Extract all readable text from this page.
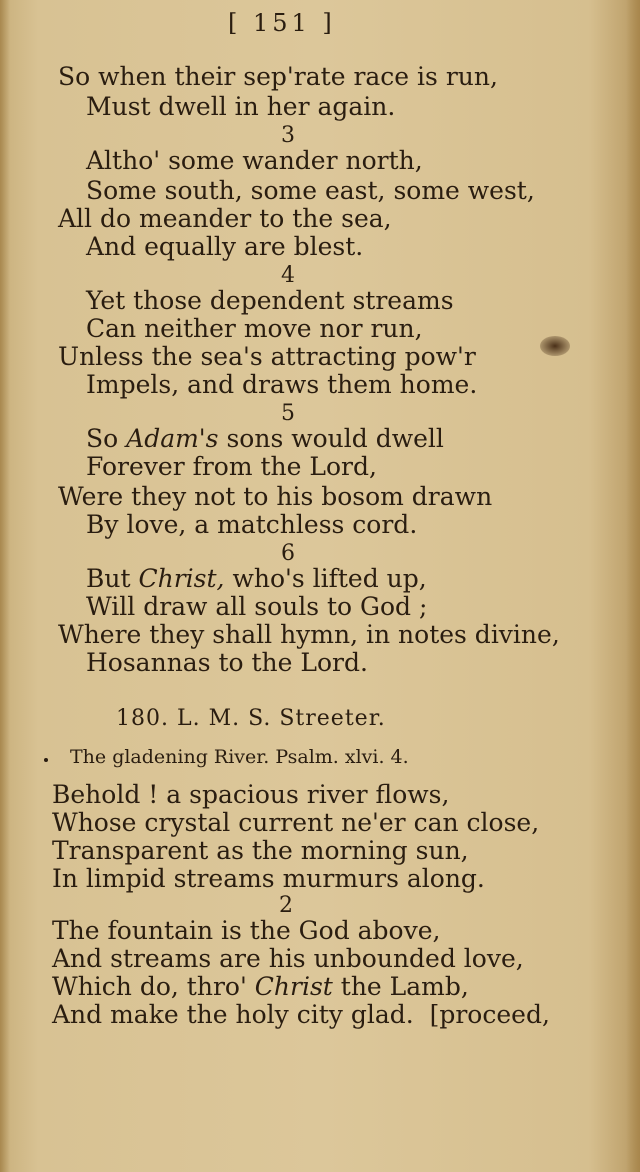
[ 151 ]
So when their sep'rate race is run,
Must dwell in her again.
3
Altho' some wander north,
Some south, some east, some west,
All do meander to the sea,
And equally are blest.
4
Yet those dependent streams
Can neither move nor run,
Unless the sea's attracting pow'r
Impels, and draws them home.
5
So Adam's sons would dwell
Forever from the Lord,
Were they not to his bosom drawn
By love, a matchless cord.
6
But Christ, who's lifted up,
Will draw all souls to God ;
Where they shall hymn, in notes divine,
Hosannas to the Lord.
180. L. M. S. Streeter.
The gladening River. Psalm. xlvi. 4.
Behold ! a spacious river flows,
Whose crystal current ne'er can close,
Transparent as the morning sun,
In limpid streams murmurs along.
2
The fountain is the God above,
And streams are his unbounded love,
Which do, thro' Christ the Lamb,
And make the holy city glad. [proceed,
